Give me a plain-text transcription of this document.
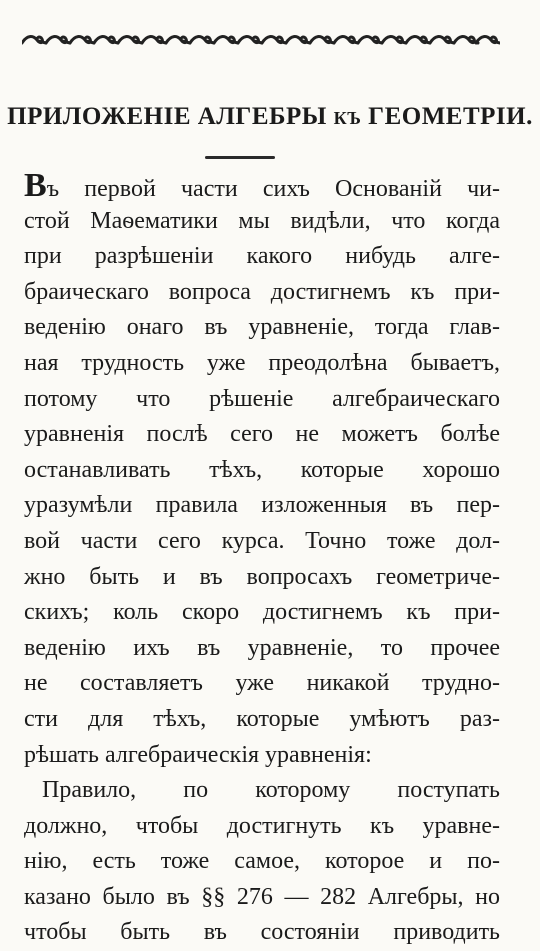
ПРИЛОЖЕНІЕ АЛГЕБРЫ къ ГЕОМЕТРІИ.
Въ первой части сихъ Основаній чи-
стой Маѳематики мы видѣли, что когда
при разрѣшеніи какого нибудь алге-
браическаго вопроса достигнемъ къ при-
веденію онаго въ уравненіе, тогда глав-
ная трудность уже преодолѣна бываетъ,
потому что рѣшеніе алгебраическаго
уравненія послѣ сего не можетъ болѣе
останавливать тѣхъ, которые хорошо
уразумѣли правила изложенныя въ пер-
вой части сего курса. Точно тоже дол-
жно быть и въ вопросахъ геометриче-
скихъ; коль скоро достигнемъ къ при-
веденію ихъ въ уравненіе, то прочее
не составляетъ уже никакой трудно-
сти для тѣхъ, которые умѣютъ раз-
рѣшать алгебраическія уравненія:
Правило, по которому поступать
должно, чтобы достигнуть къ уравне-
нію, есть тоже самое, которое и по-
казано было въ §§ 276 — 282 Алгебры, но
чтобы быть въ состояніи приводить
